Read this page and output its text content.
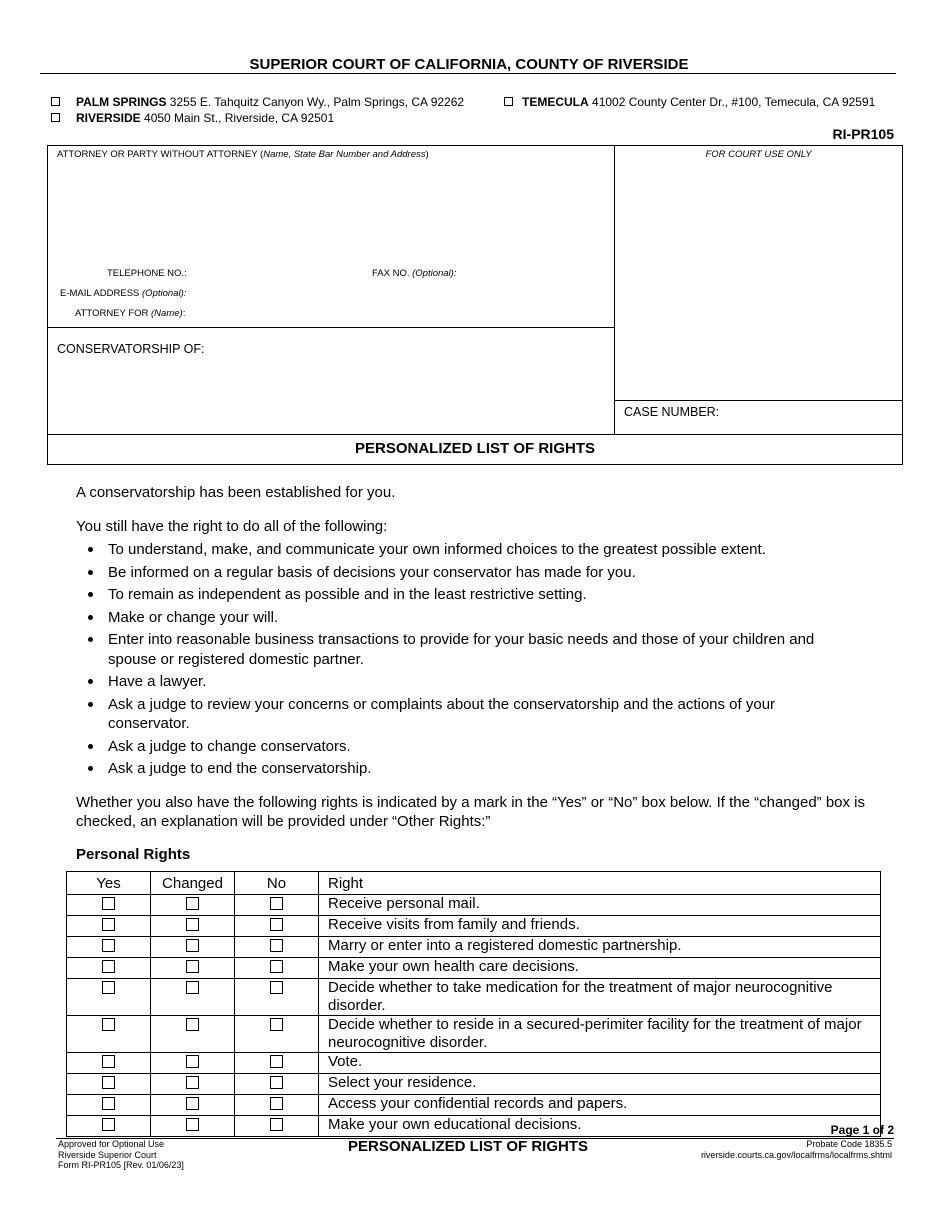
SUPERIOR COURT OF CALIFORNIA, COUNTY OF RIVERSIDE
PALM SPRINGS 3255 E. Tahquitz Canyon Wy., Palm Springs, CA 92262	TEMECULA 41002 County Center Dr., #100, Temecula, CA 92591
RIVERSIDE 4050 Main St., Riverside, CA 92501
RI-PR105
ATTORNEY OR PARTY WITHOUT ATTORNEY (Name, State Bar Number and Address)
TELEPHONE NO.:	FAX NO. (Optional):
E-MAIL ADDRESS (Optional):
ATTORNEY FOR (Name):
CONSERVATORSHIP OF:
FOR COURT USE ONLY
CASE NUMBER:
PERSONALIZED LIST OF RIGHTS
A conservatorship has been established for you.
You still have the right to do all of the following:
To understand, make, and communicate your own informed choices to the greatest possible extent.
Be informed on a regular basis of decisions your conservator has made for you.
To remain as independent as possible and in the least restrictive setting.
Make or change your will.
Enter into reasonable business transactions to provide for your basic needs and those of your children and spouse or registered domestic partner.
Have a lawyer.
Ask a judge to review your concerns or complaints about the conservatorship and the actions of your conservator.
Ask a judge to change conservators.
Ask a judge to end the conservatorship.
Whether you also have the following rights is indicated by a mark in the “Yes” or “No” box below. If the “changed” box is checked, an explanation will be provided under “Other Rights:”
Personal Rights
Yes	Changed	No	Right
			Receive personal mail.
			Receive visits from family and friends.
			Marry or enter into a registered domestic partnership.
			Make your own health care decisions.
			Decide whether to take medication for the treatment of major neurocognitive disorder.
			Decide whether to reside in a secured-perimiter facility for the treatment of major neurocognitive disorder.
			Vote.
			Select your residence.
			Access your confidential records and papers.
			Make your own educational decisions.	Page 1 of 2
Approved for Optional Use
Riverside Superior Court
Form RI-PR105 [Rev. 01/06/23]
PERSONALIZED LIST OF RIGHTS	Probate Code 1835.5
riverside.courts.ca.gov/localfrms/localfrms.shtml
